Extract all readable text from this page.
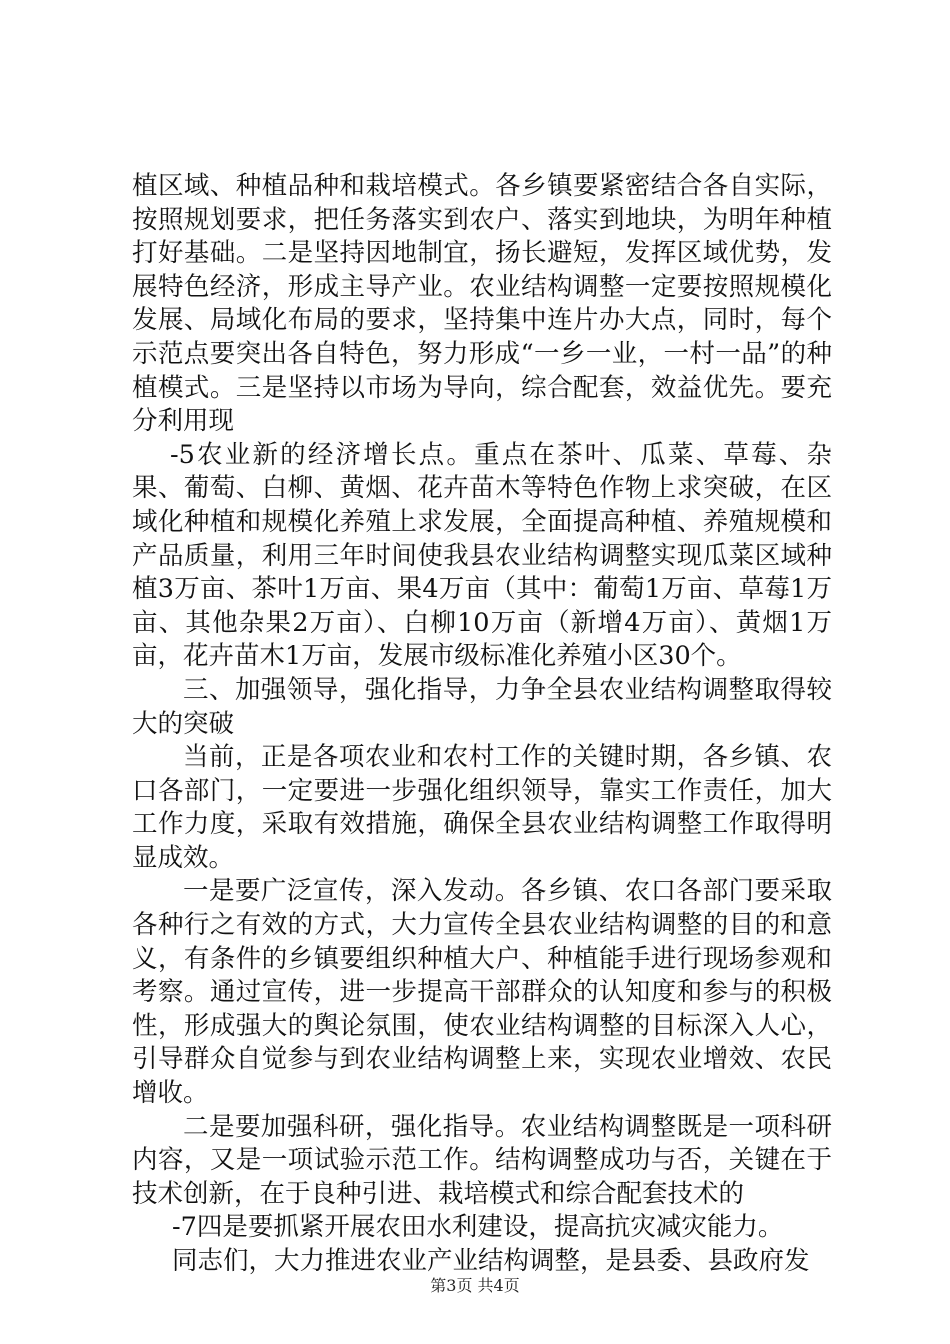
植区域、种植品种和栽培模式。各乡镇要紧密结合各自实际，按照规划要求，把任务落实到农户、落实到地块，为明年种植打好基础。二是坚持因地制宜，扬长避短，发挥区域优势，发展特色经济，形成主导产业。农业结构调整一定要按照规模化发展、局域化布局的要求，坚持集中连片办大点，同时，每个示范点要突出各自特色，努力形成“一乡一业，一村一品”的种植模式。三是坚持以市场为导向，综合配套，效益优先。要充分利用现

-5农业新的经济增长点。重点在茶叶、瓜菜、草莓、杂果、葡萄、白柳、黄烟、花卉苗木等特色作物上求突破，在区域化种植和规模化养殖上求发展，全面提高种植、养殖规模和产品质量，利用三年时间使我县农业结构调整实现瓜菜区域种植3万亩、茶叶1万亩、果4万亩（其中：葡萄1万亩、草莓1万亩、其他杂果2万亩）、白柳10万亩（新增4万亩）、黄烟1万亩，花卉苗木1万亩，发展市级标准化养殖小区30个。

三、加强领导，强化指导，力争全县农业结构调整取得较大的突破

当前，正是各项农业和农村工作的关键时期，各乡镇、农口各部门，一定要进一步强化组织领导，靠实工作责任，加大工作力度，采取有效措施，确保全县农业结构调整工作取得明显成效。

一是要广泛宣传，深入发动。各乡镇、农口各部门要采取各种行之有效的方式，大力宣传全县农业结构调整的目的和意义，有条件的乡镇要组织种植大户、种植能手进行现场参观和考察。通过宣传，进一步提高干部群众的认知度和参与的积极性，形成强大的舆论氛围，使农业结构调整的目标深入人心，引导群众自觉参与到农业结构调整上来，实现农业增效、农民增收。

二是要加强科研，强化指导。农业结构调整既是一项科研内容，又是一项试验示范工作。结构调整成功与否，关键在于技术创新，在于良种引进、栽培模式和综合配套技术的

-7四是要抓紧开展农田水利建设，提高抗灾减灾能力。

同志们，大力推进农业产业结构调整，是县委、县政府发

第3页 共4页
